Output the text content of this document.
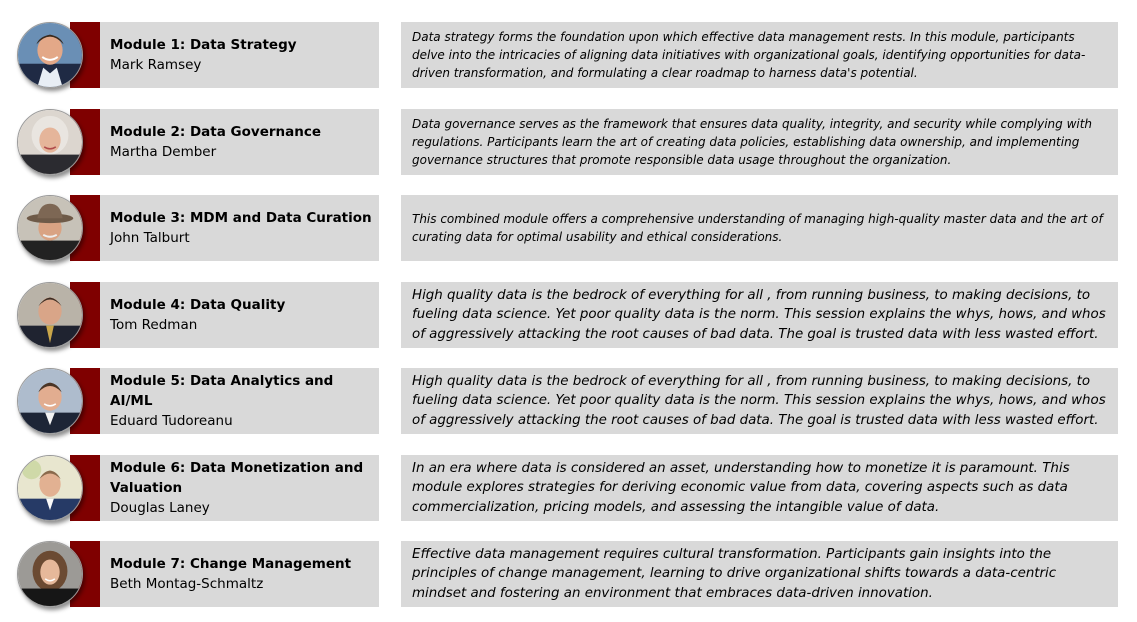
Module 1: Data Strategy
Mark Ramsey
Data strategy forms the foundation upon which effective data management rests. In this module, participants delve into the intricacies of aligning data initiatives with organizational goals, identifying opportunities for data-driven transformation, and formulating a clear roadmap to harness data's potential.
Module 2: Data Governance
Martha Dember
Data governance serves as the framework that ensures data quality, integrity, and security while complying with regulations. Participants learn the art of creating data policies, establishing data ownership, and implementing governance structures that promote responsible data usage throughout the organization.
Module 3: MDM and Data Curation
John Talburt
This combined module offers a comprehensive understanding of managing high-quality master data and the art of curating data for optimal usability and ethical considerations.
Module 4: Data Quality
Tom Redman
High quality data is the bedrock of everything for all , from running business, to making decisions, to fueling data science. Yet poor quality data is the norm. This session explains the whys, hows, and whos of aggressively attacking the root causes of bad data. The goal is trusted data with less wasted effort.
Module 5: Data Analytics and AI/ML
Eduard Tudoreanu
High quality data is the bedrock of everything for all , from running business, to making decisions, to fueling data science. Yet poor quality data is the norm. This session explains the whys, hows, and whos of aggressively attacking the root causes of bad data. The goal is trusted data with less wasted effort.
Module 6: Data Monetization and Valuation
Douglas Laney
In an era where data is considered an asset, understanding how to monetize it is paramount. This module explores strategies for deriving economic value from data, covering aspects such as data commercialization, pricing models, and assessing the intangible value of data.
Module 7: Change Management
Beth Montag-Schmaltz
Effective data management requires cultural transformation. Participants gain insights into the principles of change management, learning to drive organizational shifts towards a data-centric mindset and fostering an environment that embraces data-driven innovation.
